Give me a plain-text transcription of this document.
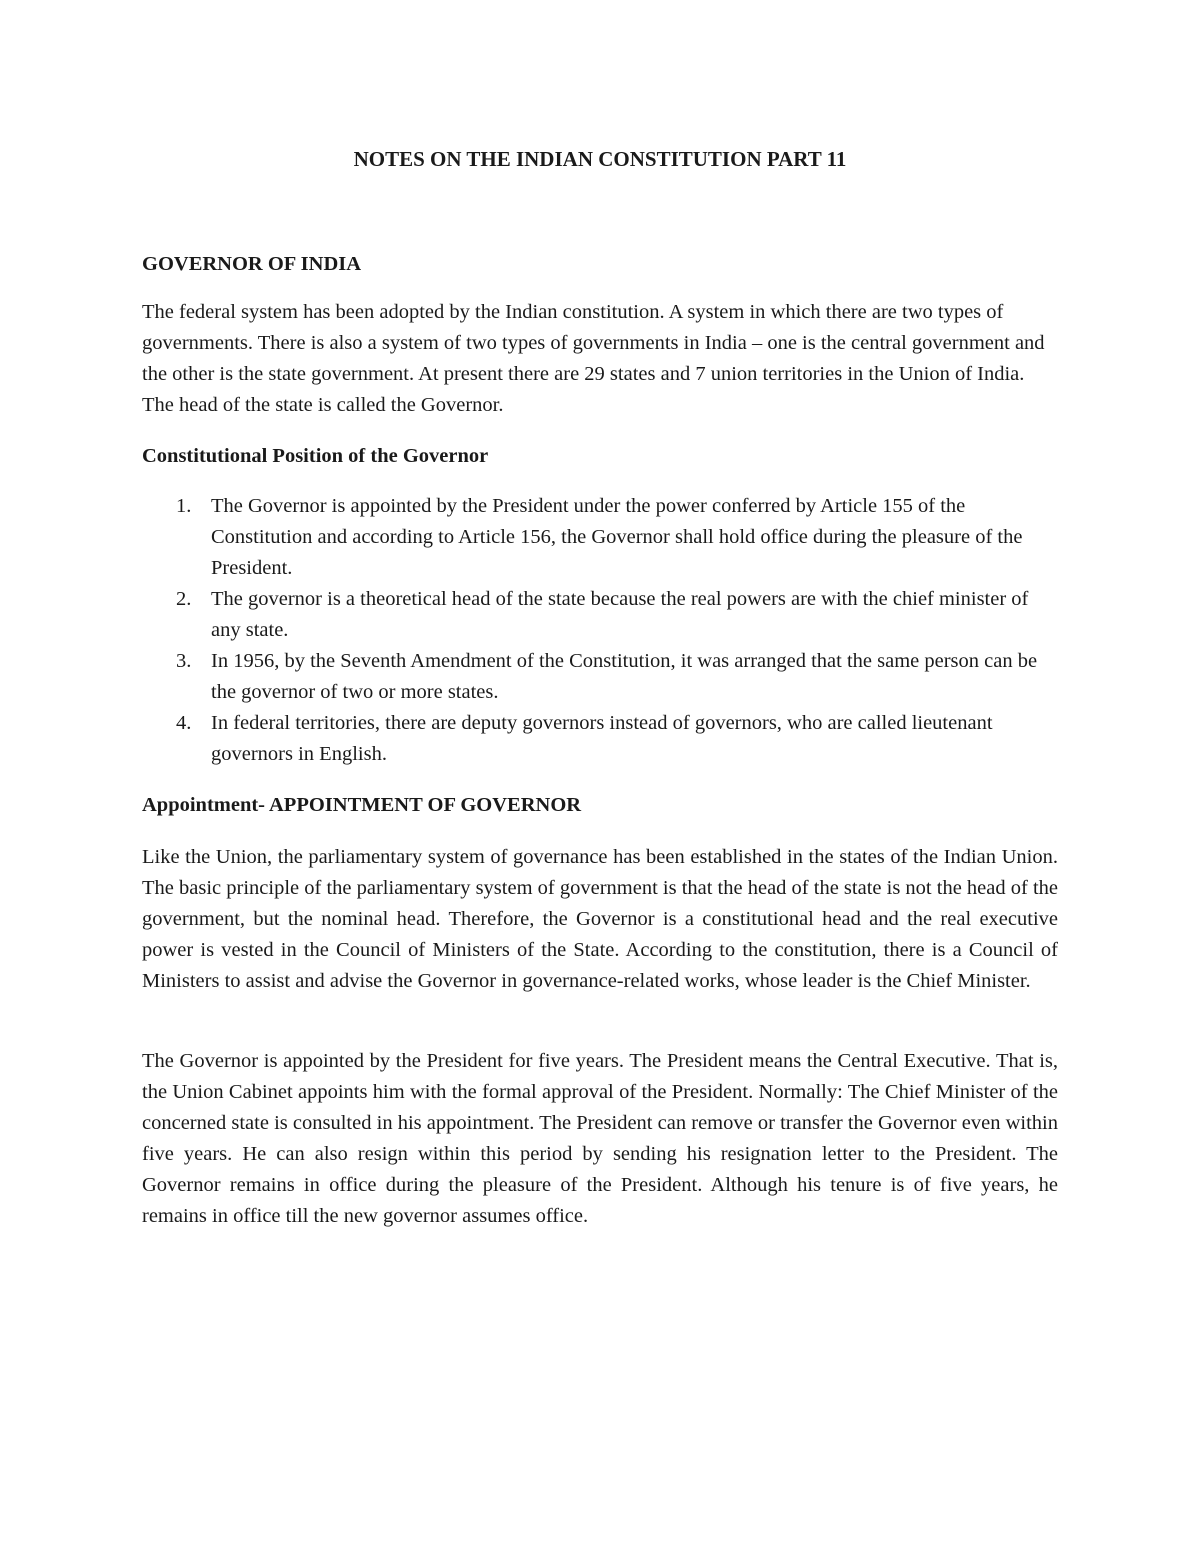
NOTES ON THE INDIAN CONSTITUTION PART 11

GOVERNOR OF INDIA

The federal system has been adopted by the Indian constitution. A system in which there are two types of governments. There is also a system of two types of governments in India – one is the central government and the other is the state government. At present there are 29 states and 7 union territories in the Union of India. The head of the state is called the Governor.

Constitutional Position of the Governor

1. The Governor is appointed by the President under the power conferred by Article 155 of the Constitution and according to Article 156, the Governor shall hold office during the pleasure of the President.
2. The governor is a theoretical head of the state because the real powers are with the chief minister of any state.
3. In 1956, by the Seventh Amendment of the Constitution, it was arranged that the same person can be the governor of two or more states.
4. In federal territories, there are deputy governors instead of governors, who are called lieutenant governors in English.

Appointment- APPOINTMENT OF GOVERNOR

Like the Union, the parliamentary system of governance has been established in the states of the Indian Union. The basic principle of the parliamentary system of government is that the head of the state is not the head of the government, but the nominal head. Therefore, the Governor is a constitutional head and the real executive power is vested in the Council of Ministers of the State. According to the constitution, there is a Council of Ministers to assist and advise the Governor in governance-related works, whose leader is the Chief Minister.

The Governor is appointed by the President for five years. The President means the Central Executive. That is, the Union Cabinet appoints him with the formal approval of the President. Normally: The Chief Minister of the concerned state is consulted in his appointment. The President can remove or transfer the Governor even within five years. He can also resign within this period by sending his resignation letter to the President. The Governor remains in office during the pleasure of the President. Although his tenure is of five years, he remains in office till the new governor assumes office.
